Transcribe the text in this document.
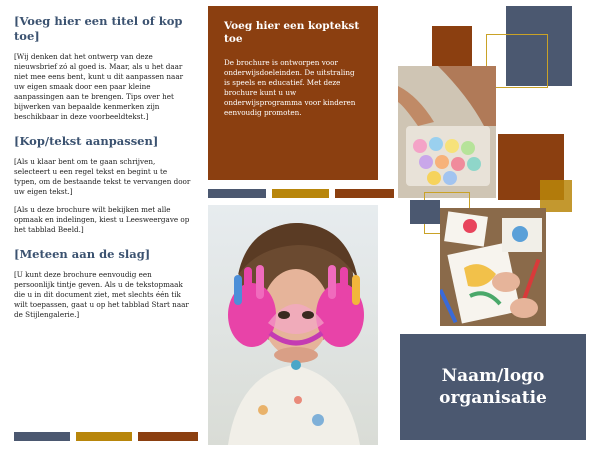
[Voeg hier een titel of kop toe]
[Wij denken dat het ontwerp van deze nieuwsbrief zó al goed is. Maar, als u het daar niet mee eens bent, kunt u dit aanpassen naar uw eigen smaak door een paar kleine aanpassingen aan te brengen. Tips over het bijwerken van bepaalde kenmerken zijn beschikbaar in deze voorbeeldtekst.]
[Kop/tekst aanpassen]
[Als u klaar bent om te gaan schrijven, selecteert u een regel tekst en begint u te typen, om de bestaande tekst te vervangen door uw eigen tekst.]
[Als u deze brochure wilt bekijken met alle opmaak en indelingen, kiest u Leesweergave op het tabblad Beeld.]
[Meteen aan de slag]
[U kunt deze brochure eenvoudig een persoonlijk tintje geven. Als u de tekstopmaak die u in dit document ziet, met slechts één tik wilt toepassen, gaat u op het tabblad Start naar de Stijlengalerie.]
Voeg hier een koptekst toe
De brochure is ontworpen voor onderwijsdoeleinden. De uitstraling is speels en educatief. Met deze brochure kunt u uw onderwijsprogramma voor kinderen eenvoudig promoten.
Naam/logo
organisatie
